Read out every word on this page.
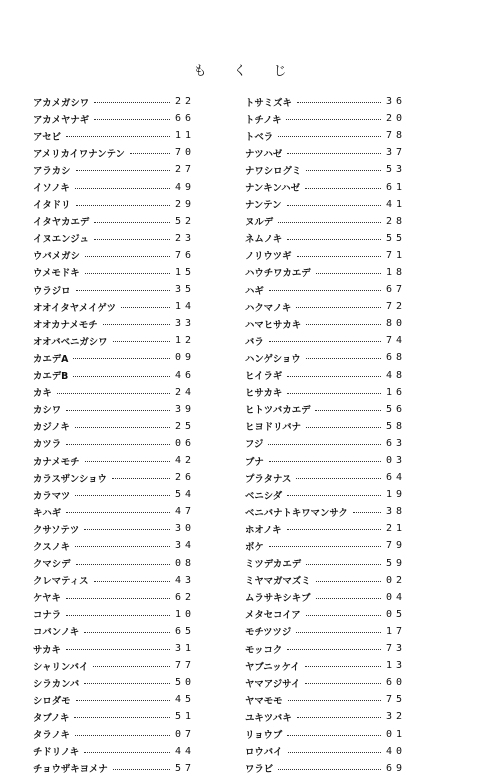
もくじ
アカメガシワ	22
アカメヤナギ	66
アセビ	11
アメリカイワナンテン	70
アラカシ	27
イソノキ	49
イタドリ	29
イタヤカエデ	52
イヌエンジュ	23
ウバメガシ	76
ウメモドキ	15
ウラジロ	35
オオイタヤメイゲツ	14
オオカナメモチ	33
オオバベニガシワ	12
カエデA	09
カエデB	46
カキ	24
カシワ	39
カジノキ	25
カツラ	06
カナメモチ	42
カラスザンショウ	26
カラマツ	54
キハギ	47
クサソテツ	30
クスノキ	34
クマシデ	08
クレマティス	43
ケヤキ	62
コナラ	10
コバンノキ	65
サカキ	31
シャリンバイ	77
シラカンバ	50
シロダモ	45
タブノキ	51
タラノキ	07
チドリノキ	44
チョウザキヨメナ	57
トサミズキ	36
トチノキ	20
トベラ	78
ナツハゼ	37
ナワシログミ	53
ナンキンハゼ	61
ナンテン	41
ヌルデ	28
ネムノキ	55
ノリウツギ	71
ハウチワカエデ	18
ハギ	67
ハクマノキ	72
ハマヒサカキ	80
バラ	74
ハンゲショウ	68
ヒイラギ	48
ヒサカキ	16
ヒトツバカエデ	56
ヒヨドリバナ	58
フジ	63
ブナ	03
プラタナス	64
ベニシダ	19
ベニバナトキワマンサク	38
ホオノキ	21
ボケ	79
ミツデカエデ	59
ミヤマガマズミ	02
ムラサキシキブ	04
メタセコイア	05
モチツツジ	17
モッコク	73
ヤブニッケイ	13
ヤマアジサイ	60
ヤマモモ	75
ユキツバキ	32
リョウブ	01
ロウバイ	40
ワラビ	69
